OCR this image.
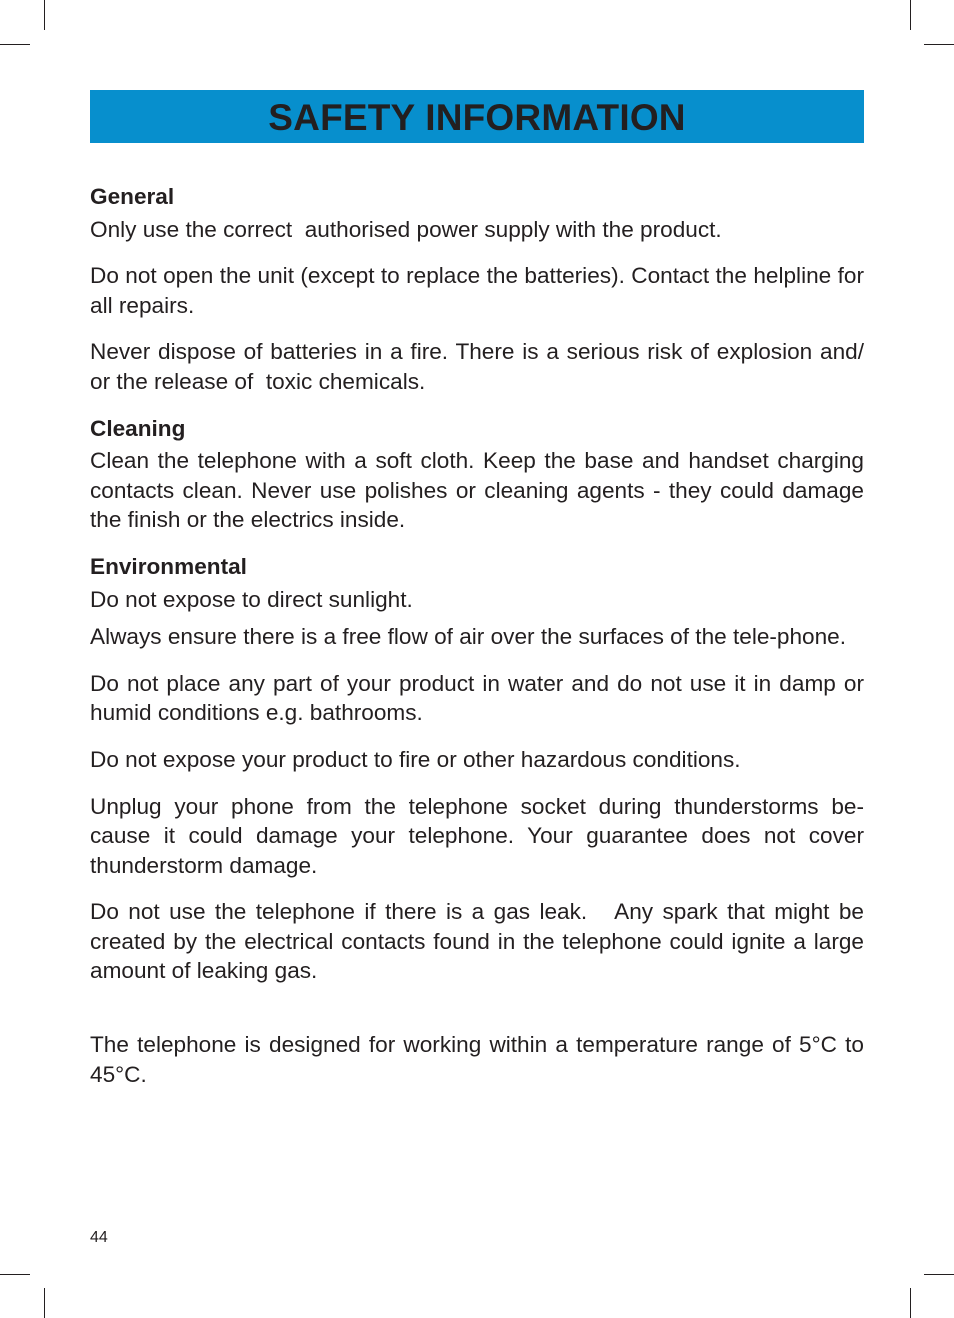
SAFETY INFORMATION
General

Only use the correct  authorised power supply with the product.

Do not open the unit (except to replace the batteries). Contact the helpline for all repairs.

Never dispose of batteries in a fire. There is a serious risk of explosion and/ or the release of  toxic chemicals.

Cleaning

Clean the telephone with a soft cloth. Keep the base and handset charging contacts clean. Never use polishes or cleaning agents - they could damage the finish or the electrics inside.

Environmental

Do not expose to direct sunlight.

Always ensure there is a free flow of air over the surfaces of the tele-phone.

Do not place any part of your product in water and do not use it in damp or humid conditions e.g. bathrooms.

Do not expose your product to fire or other hazardous conditions.

Unplug your phone from the telephone socket during thunderstorms be-cause it could damage your telephone. Your guarantee does not cover thunderstorm damage.

Do not use the telephone if there is a gas leak.   Any spark that might be created by the electrical contacts found in the telephone could ignite a large amount of leaking gas.

The telephone is designed for working within a temperature range of 5°C to 45°C.

44
